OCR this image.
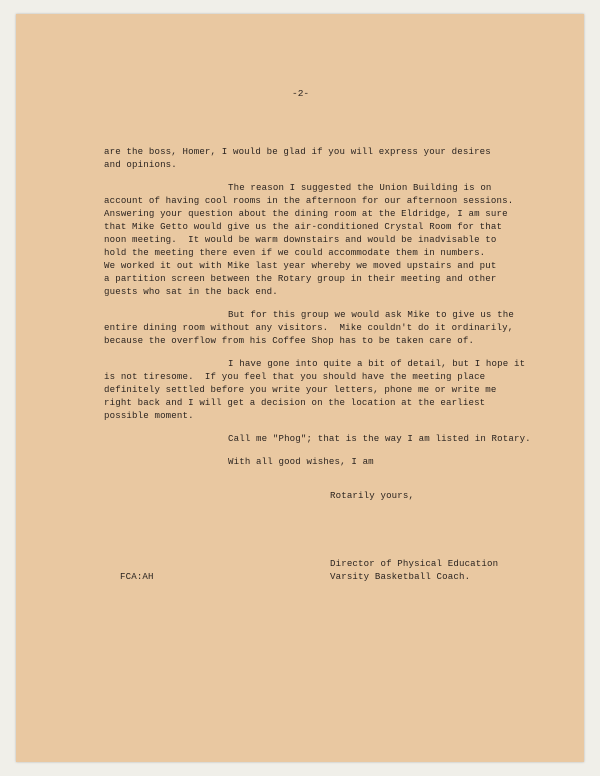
-2-
are the boss, Homer, I would be glad if you will express your desires
and opinions.
The reason I suggested the Union Building is on
account of having cool rooms in the afternoon for our afternoon sessions.
Answering your question about the dining room at the Eldridge, I am sure
that Mike Getto would give us the air-conditioned Crystal Room for that
noon meeting.  It would be warm downstairs and would be inadvisable to
hold the meeting there even if we could accommodate them in numbers.
We worked it out with Mike last year whereby we moved upstairs and put
a partition screen between the Rotary group in their meeting and other
guests who sat in the back end.
But for this group we would ask Mike to give us the
entire dining room without any visitors.  Mike couldn't do it ordinarily,
because the overflow from his Coffee Shop has to be taken care of.
I have gone into quite a bit of detail, but I hope it
is not tiresome.  If you feel that you should have the meeting place
definitely settled before you write your letters, phone me or write me
right back and I will get a decision on the location at the earliest
possible moment.
Call me "Phog"; that is the way I am listed in Rotary.
With all good wishes, I am
Rotarily yours,
Director of Physical Education
Varsity Basketball Coach.
FCA:AH
